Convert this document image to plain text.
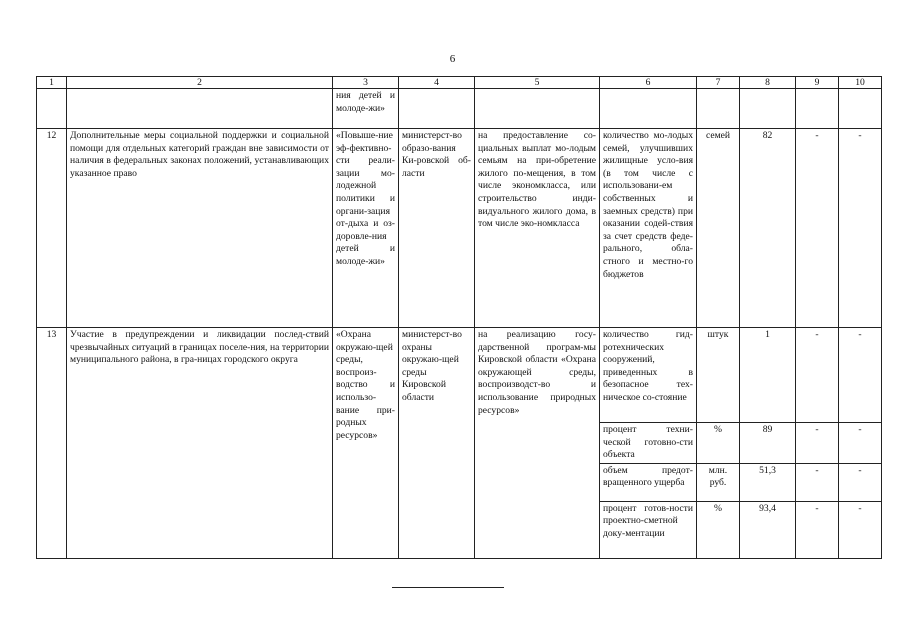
6
1	2	3	4	5	6	7	8	9	10
		ния детей и молоде-жи»							
12	Дополнительные меры социальной поддержки и социальной помощи для отдельных категорий граждан вне зависимости от наличия в федеральных законах положений, устанавливающих указанное право	«Повыше-ние эф-фективно-сти реали-зации мо-лодежной политики и органи-зация от-дыха и оз-доровле-ния детей и молоде-жи»	министерст-во образо-вания Ки-ровской об-ласти	на предоставление со-циальных выплат мо-лодым семьям на при-обретение жилого по-мещения, в том числе экономкласса, или строительство инди-видуального жилого дома, в том числе эко-номкласса	количество мо-лодых семей, улучшивших жилищные усло-вия (в том числе с использовани-ем собственных и заемных средств) при оказании содей-ствия за счет средств феде-рального, обла-стного и местно-го бюджетов	семей	82	-	-
13	Участие в предупреждении и ликвидации послед-ствий чрезвычайных ситуаций в границах поселе-ния, на территории муниципального района, в гра-ницах городского округа	«Охрана окружаю-щей среды, воспроиз-водство и использо-вание при-родных ресурсов»	министерст-во охраны окружаю-щей среды Кировской области	на реализацию госу-дарственной програм-мы Кировской области «Охрана окружающей среды, воспроизводст-во и использование природных ресурсов»	количество гид-ротехнических сооружений, приведенных в безопасное тех-ническое со-стояние	штук	1	-	-
					процент техни-ческой готовно-сти объекта	%	89	-	-
					объем предот-вращенного ущерба	млн. руб.	51,3	-	-
					процент готов-ности проектно-сметной доку-ментации	%	93,4	-	-
